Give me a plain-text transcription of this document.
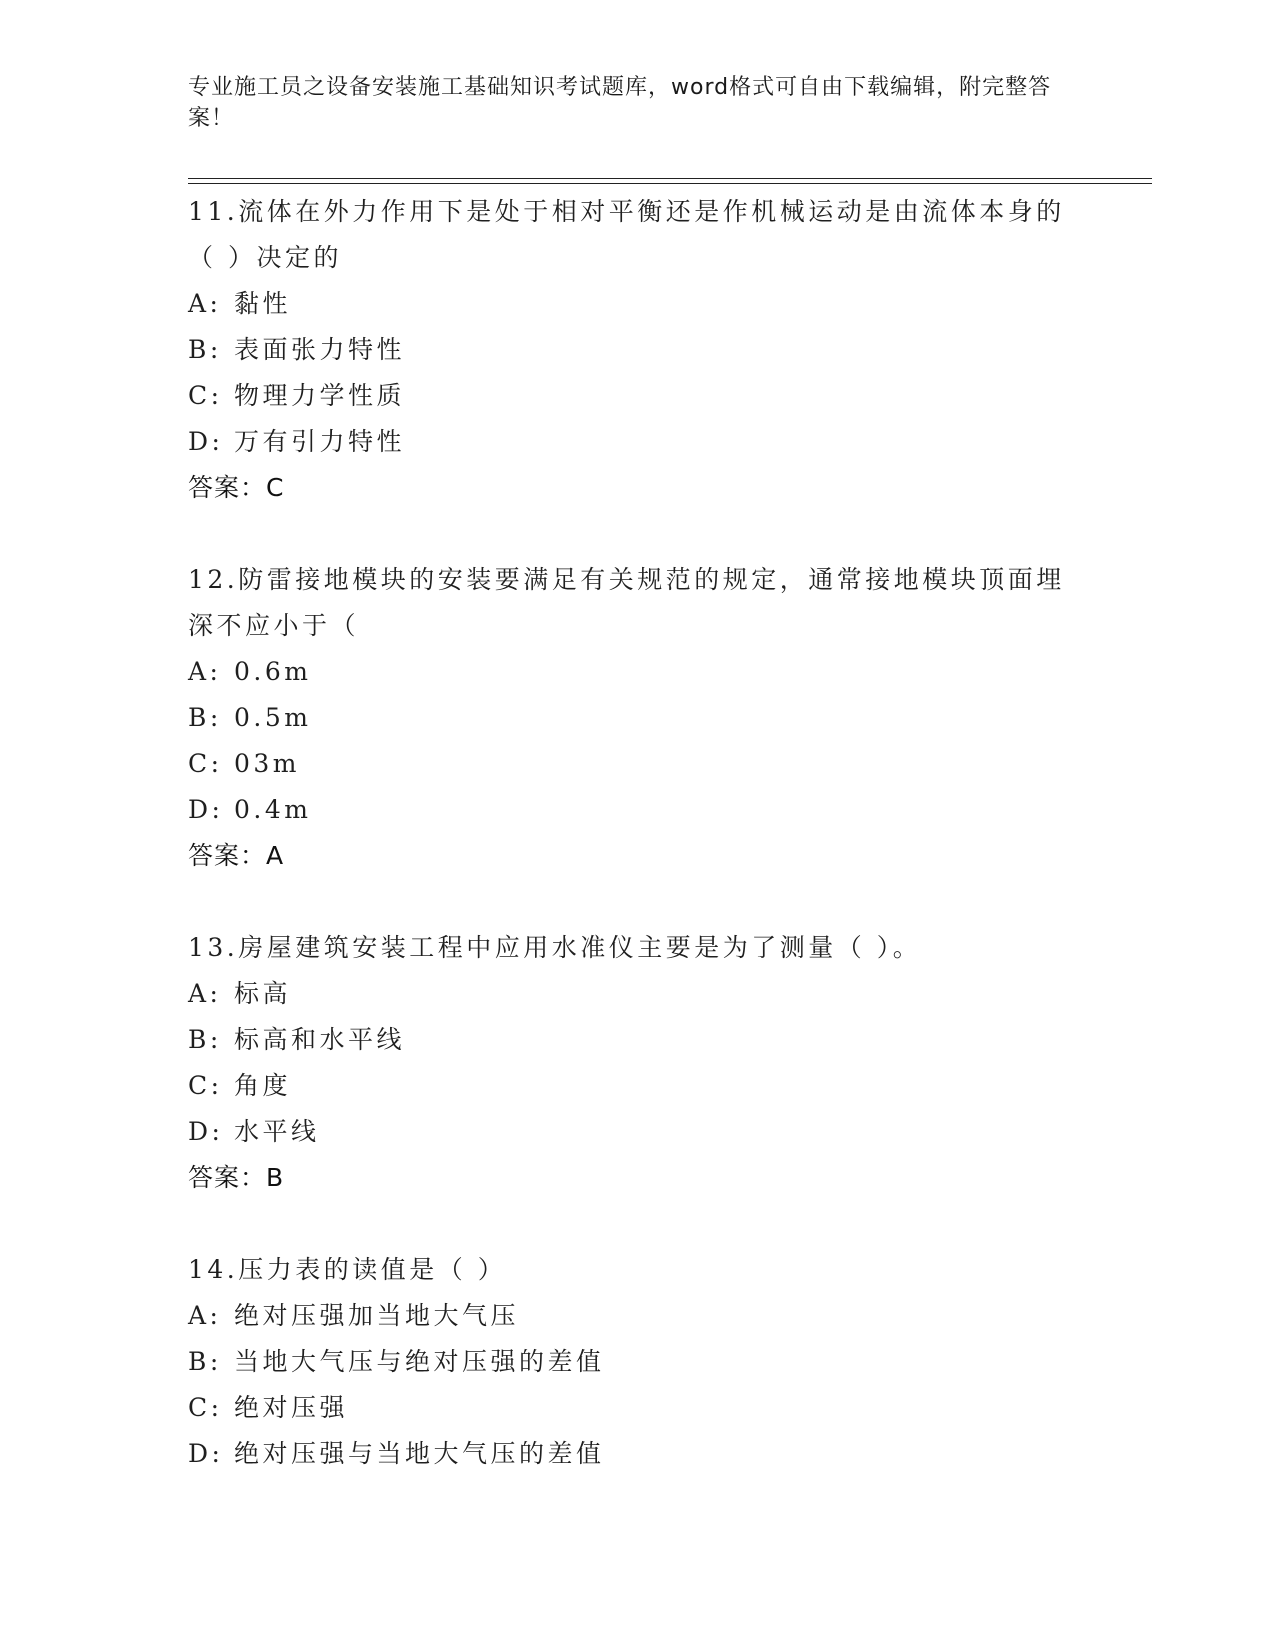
专业施工员之设备安装施工基础知识考试题库，word格式可自由下载编辑，附完整答案！

11.流体在外力作用下是处于相对平衡还是作机械运动是由流体本身的（ ）决定的

A: 黏性

B: 表面张力特性

C: 物理力学性质

D: 万有引力特性

答案：C

12.防雷接地模块的安装要满足有关规范的规定，通常接地模块顶面埋深不应小于（

A: 0.6m

B: 0.5m

C: 03m

D: 0.4m

答案：A

13.房屋建筑安装工程中应用水准仪主要是为了测量（ ）。

A: 标高

B: 标高和水平线

C: 角度

D: 水平线

答案：B

14.压力表的读值是（ ）

A: 绝对压强加当地大气压

B: 当地大气压与绝对压强的差值

C: 绝对压强

D: 绝对压强与当地大气压的差值
